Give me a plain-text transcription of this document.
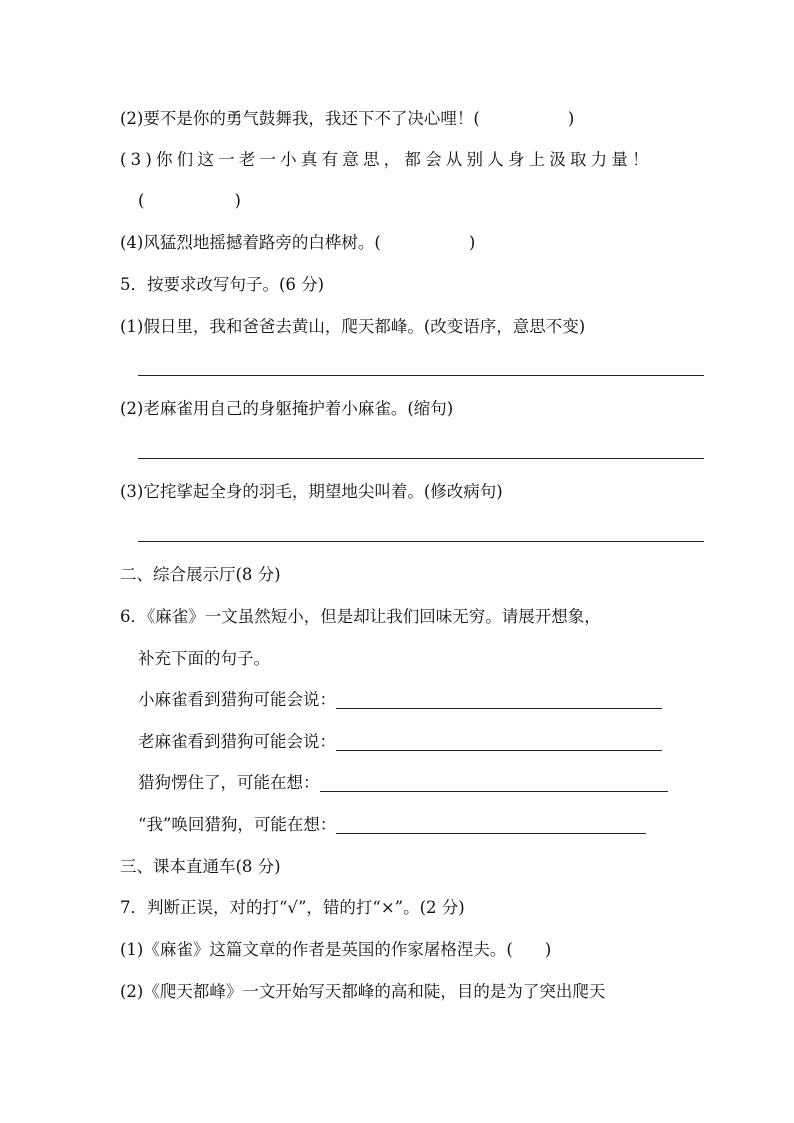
(2)要不是你的勇气鼓舞我，我还下不了决心哩！(	)
(3)你们这一老一小真有意思，都会从别人身上汲取力量！
(	)
(4)风猛烈地摇撼着路旁的白桦树。(	)
5．按要求改写句子。(6 分)
(1)假日里，我和爸爸去黄山，爬天都峰。(改变语序，意思不变)
(2)老麻雀用自己的身躯掩护着小麻雀。(缩句)
(3)它挓挲起全身的羽毛，期望地尖叫着。(修改病句)
二、综合展示厅(8 分)
6．《麻雀》一文虽然短小，但是却让我们回味无穷。请展开想象，
补充下面的句子。
小麻雀看到猎狗可能会说：
老麻雀看到猎狗可能会说：
猎狗愣住了，可能在想：
“我”唤回猎狗，可能在想：
三、课本直通车(8 分)
7．判断正误，对的打“√”，错的打“×”。(2 分)
(1)《麻雀》这篇文章的作者是英国的作家屠格涅夫。( )
(2)《爬天都峰》一文开始写天都峰的高和陡，目的是为了突出爬天
